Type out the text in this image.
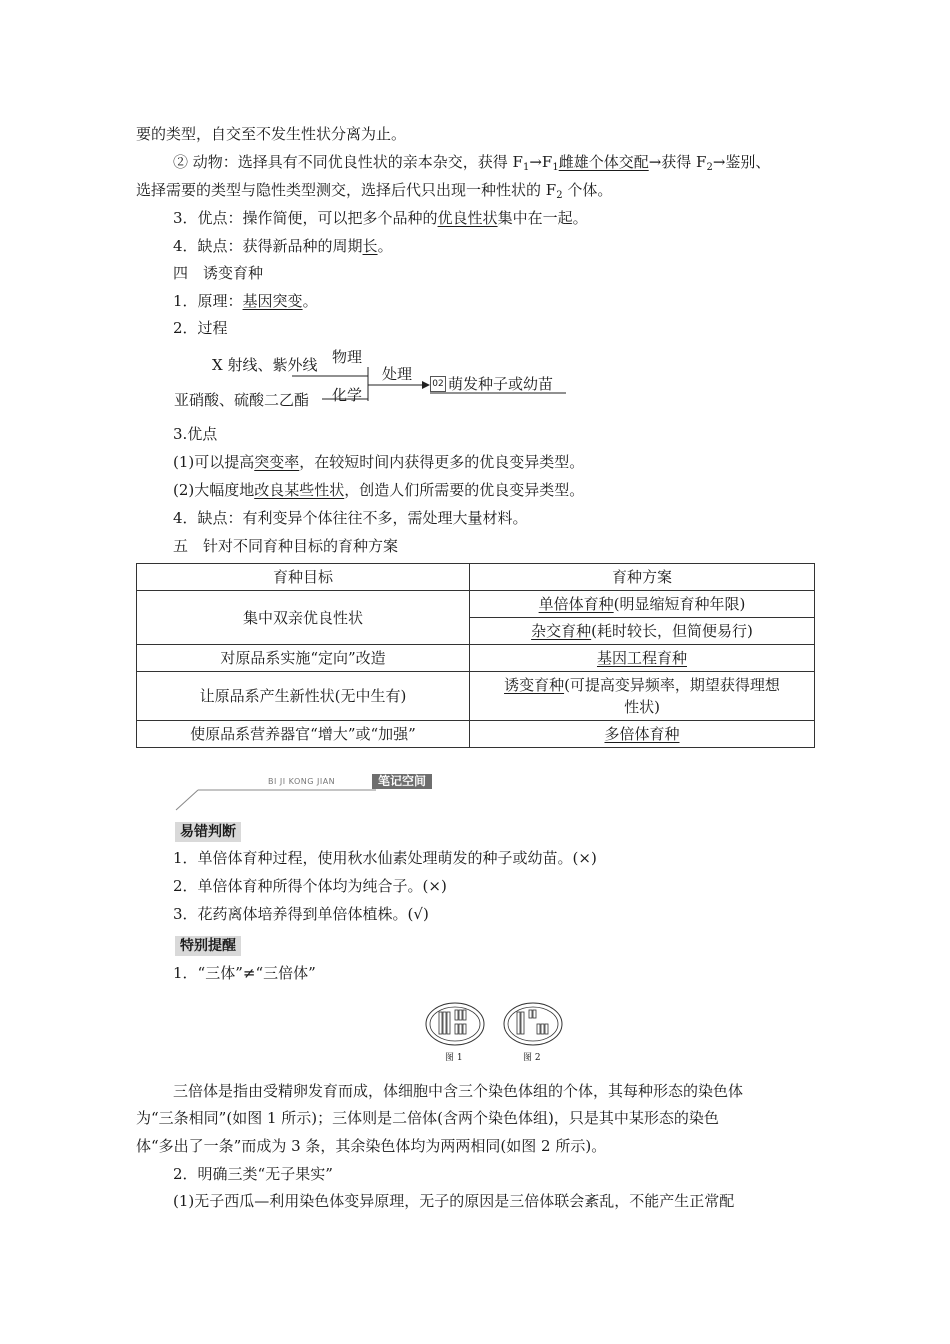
要的类型，自交至不发生性状分离为止。
② 动物：选择具有不同优良性状的亲本杂交，获得 $F_1\to F_1$雌雄个体交配→获得 $F_2\to$鉴别、
选择需要的类型与隐性类型测交，选择后代只出现一种性状的 $F_2$ 个体。
3．优点：操作简便，可以把多个品种的优良性状集中在一起。
4．缺点：获得新品种的周期长。
四　诱变育种
1．原理：基因突变。
2．过程
X 射线、紫外线
亚硝酸、硫酸二乙酯
物理
化学
处理
02 萌发种子或幼苗
3.优点
(1)可以提高突变率，在较短时间内获得更多的优良变异类型。
(2)大幅度地改良某些性状，创造人们所需要的优良变异类型。
4．缺点：有利变异个体往往不多，需处理大量材料。
五　针对不同育种目标的育种方案
育种目标	育种方案
集中双亲优良性状	单倍体育种(明显缩短育种年限)
	杂交育种(耗时较长，但简便易行)
对原品系实施“定向”改造	基因工程育种
让原品系产生新性状(无中生有)	诱变育种(可提高变异频率，期望获得理想
性状)
使原品系营养器官“增大”或“加强”	多倍体育种
BI JI KONG JIAN	笔记空间
易错判断
1．单倍体育种过程，使用秋水仙素处理萌发的种子或幼苗。(×)
2．单倍体育种所得个体均为纯合子。(×)
3．花药离体培养得到单倍体植株。(√)
特别提醒
1．“三体”≠“三倍体”
图 1	图 2
三倍体是指由受精卵发育而成，体细胞中含三个染色体组的个体，其每种形态的染色体
为“三条相同”(如图 1 所示)；三体则是二倍体(含两个染色体组)，只是其中某形态的染色
体“多出了一条”而成为 3 条，其余染色体均为两两相同(如图 2 所示)。
2．明确三类“无子果实”
(1)无子西瓜—利用染色体变异原理，无子的原因是三倍体联会紊乱，不能产生正常配
